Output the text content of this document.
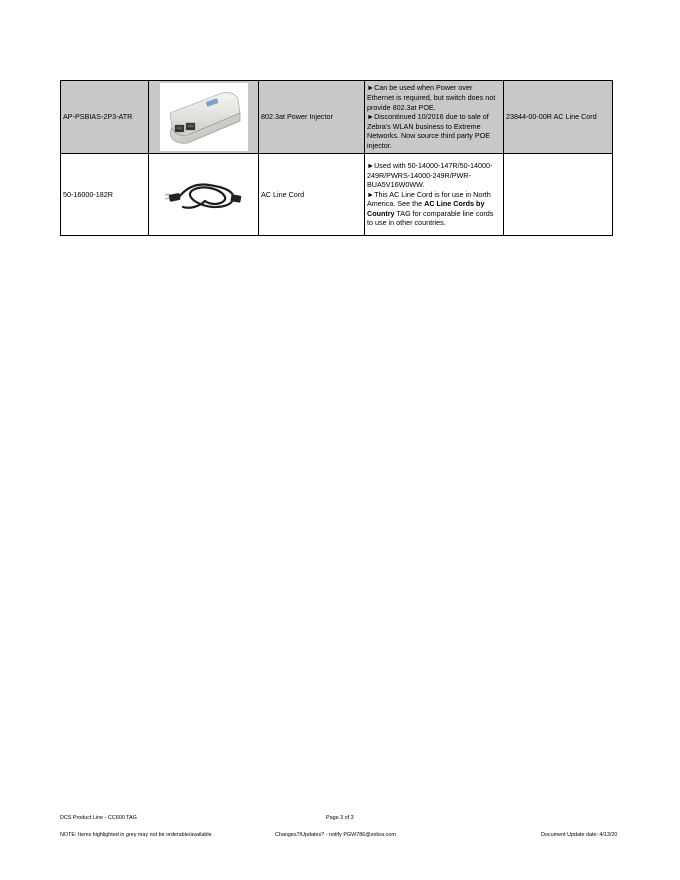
AP-PSBIAS-2P3-ATR		802.3at Power Injector	►Can be used when Power over Ethernet is required, but switch does not provide 802.3at POE.
►Discontinued 10/2016 due to sale of Zebra's WLAN business to Extreme Networks. Now source third party POE injector.	23844-00-00R AC Line Cord
50-16000-182R		AC Line Cord	►Used with 50-14000-147R/50-14000-249R/PWRS-14000-249R/PWR-BUA5V16W0WW.
►This AC Line Cord is for use in North America. See the AC Line Cords by Country TAG for comparable line cords to use in other countries.	

DCS Product Line - CC600 TAG	Page 3 of 3
NOTE: Items highlighted in grey may not be orderable/available	Changes?/Updates? - notify PGW786@zebra.com	Document Update date: 4/13/20
